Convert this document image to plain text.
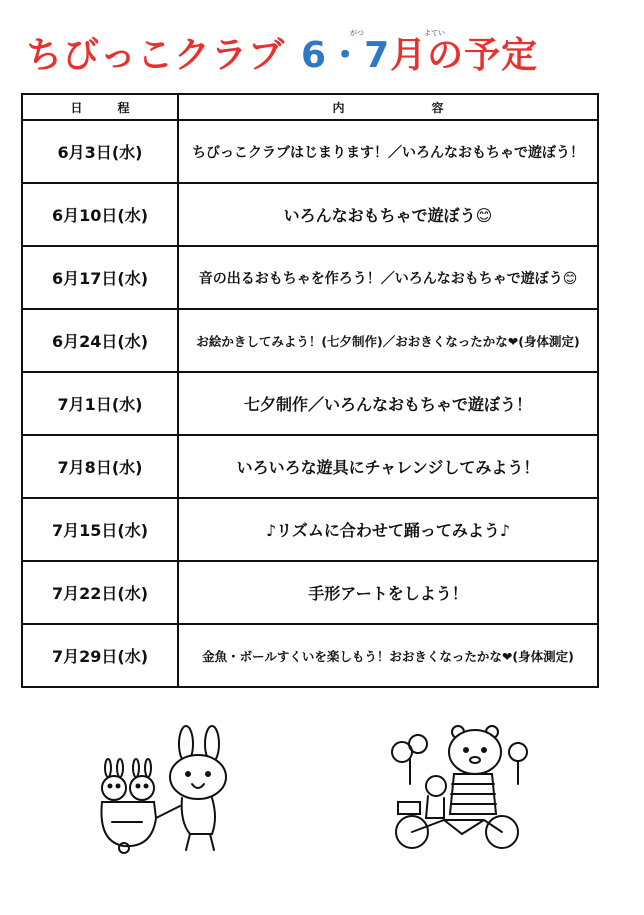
がつ	よてい
ちびっこクラブ 6・7月の予定
日 程	内 容

6月3日(水)	ちびっこクラブはじまります！／いろんなおもちゃで遊ぼう！
6月10日(水)	いろんなおもちゃで遊ぼう😊
6月17日(水)	音の出るおもちゃを作ろう！／いろんなおもちゃで遊ぼう😊
6月24日(水)	お絵かきしてみよう！(七夕制作)／おおきくなったかな❤(身体測定)
7月1日(水)	七夕制作／いろんなおもちゃで遊ぼう！
7月8日(水)	いろいろな遊具にチャレンジしてみよう！
7月15日(水)	♪リズムに合わせて踊ってみよう♪
7月22日(水)	手形アートをしよう！
7月29日(水)	金魚・ボールすくいを楽しもう！おおきくなったかな❤(身体測定)
